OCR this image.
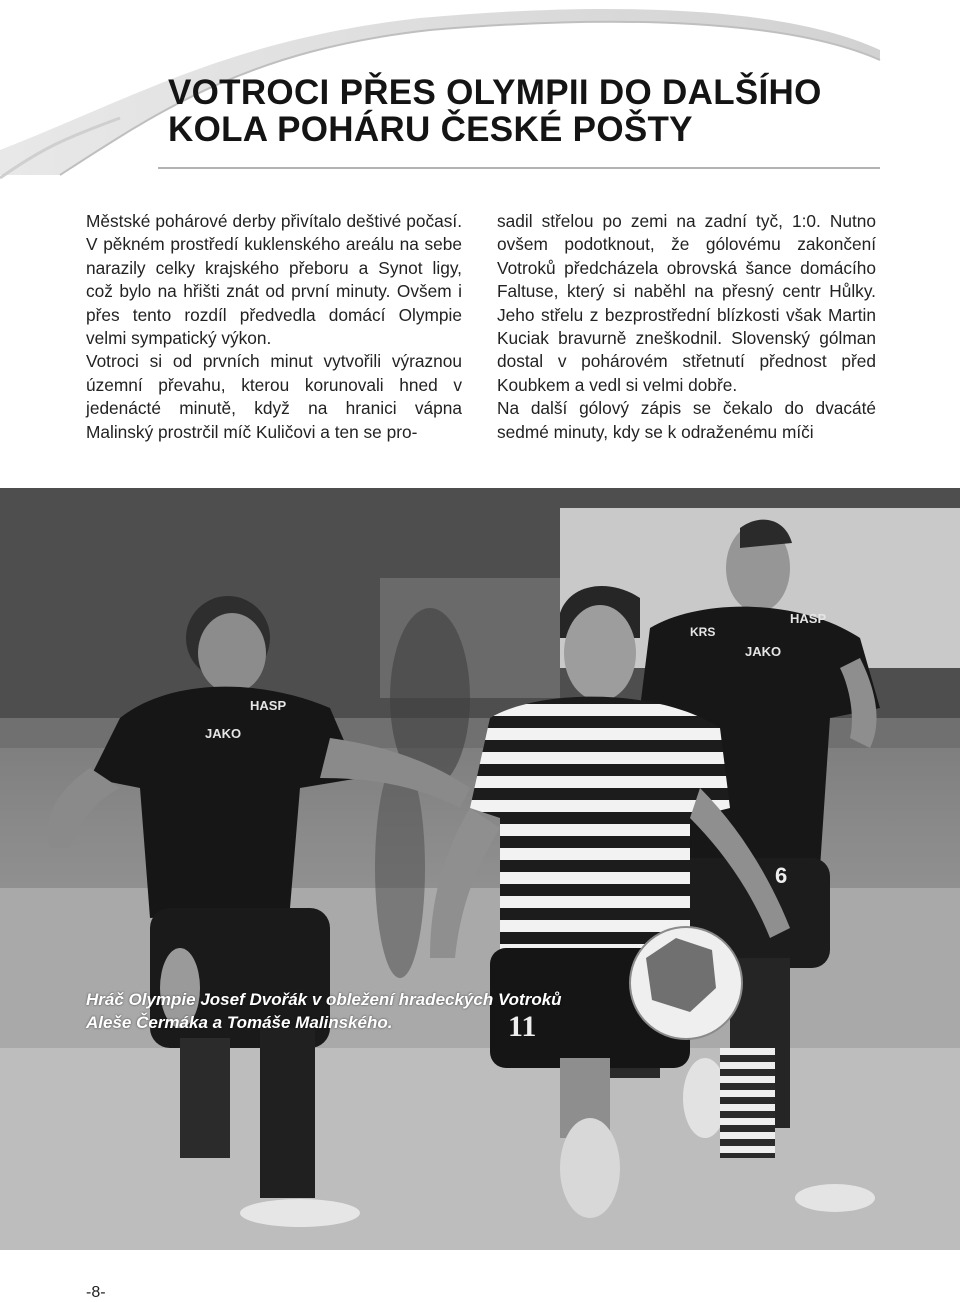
VOTROCI PŘES OLYMPII DO DALŠÍHO
KOLA POHÁRU ČESKÉ POŠTY

Městské pohárové derby přivítalo deštivé počasí. V pěkném prostředí kuklenského areálu na sebe narazily celky krajského přeboru a Synot ligy, což bylo na hřišti znát od první minuty. Ovšem i přes tento rozdíl předvedla domácí Olympie velmi sympatický výkon.

Votroci si od prvních minut vytvořili výraznou územní převahu, kterou korunovali hned v jedenácté minutě, když na hranici vápna Malinský prostrčil míč Kuličovi a ten se pro-

sadil střelou po zemi na zadní tyč, 1:0. Nutno ovšem podotknout, že gólovému zakončení Votroků předcházela obrovská šance domácího Faltuse, který si naběhl na přesný centr Hůlky. Jeho střelu z bezprostřední blízkosti však Martin Kuciak bravurně zneškodnil. Slovenský gólman dostal v pohárovém střetnutí přednost před Koubkem a vedl si velmi dobře.

Na další gólový zápis se čekalo do dvacáté sedmé minuty, kdy se k odraženému míči

11
6
JAKO
HASP
JAKO
HASP
KRS
Hráč Olympie Josef Dvořák v obležení hradeckých Votroků
Aleše Čermáka a Tomáše Malinského.
-8-
